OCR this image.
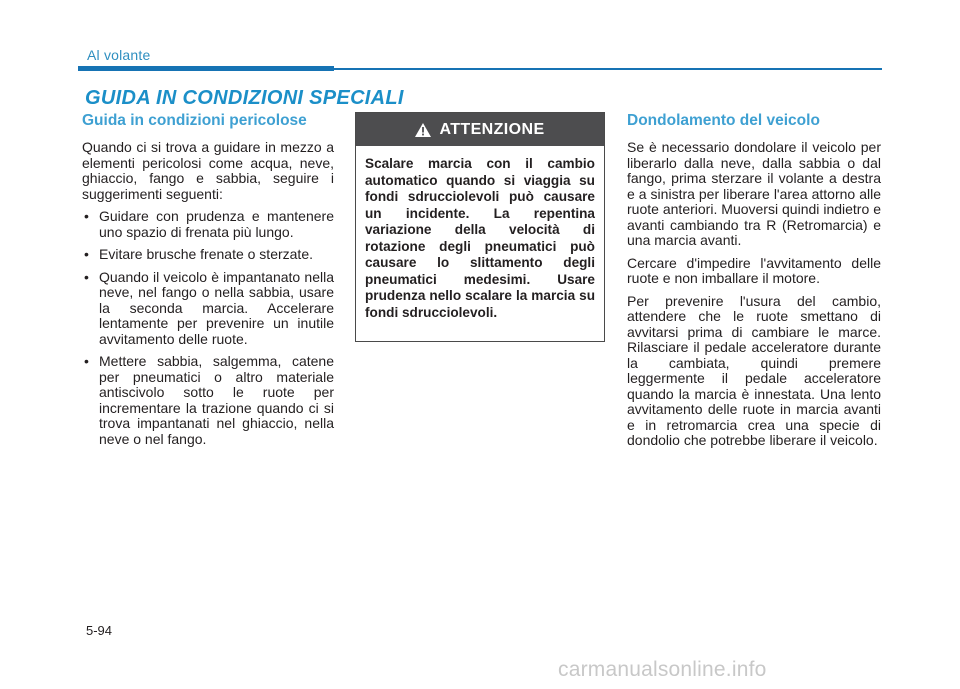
Al volante
GUIDA IN CONDIZIONI SPECIALI
Guida in condizioni pericolose

Quando ci si trova a guidare in mezzo a elementi pericolosi come acqua, neve, ghiaccio, fango e sabbia, seguire i suggerimenti seguenti:

• Guidare con prudenza e mantenere uno spazio di frenata più lungo.
• Evitare brusche frenate o sterzate.
• Quando il veicolo è impantanato nella neve, nel fango o nella sabbia, usare la seconda marcia. Accelerare lentamente per prevenire un inutile avvitamento delle ruote.
• Mettere sabbia, salgemma, catene per pneumatici o altro materiale antiscivolo sotto le ruote per incrementare la trazione quando ci si trova impantanati nel ghiaccio, nella neve o nel fango.
ATTENZIONE
Scalare marcia con il cambio automatico quando si viaggia su fondi sdrucciolevoli può causare un incidente. La repentina variazione della velocità di rotazione degli pneumatici può causare lo slittamento degli pneumatici medesimi. Usare prudenza nello scalare la marcia su fondi sdrucciolevoli.
Dondolamento del veicolo

Se è necessario dondolare il veicolo per liberarlo dalla neve, dalla sabbia o dal fango, prima sterzare il volante a destra e a sinistra per liberare l'area attorno alle ruote anteriori. Muoversi quindi indietro e avanti cambiando tra R (Retromarcia) e una marcia avanti.

Cercare d'impedire l'avvitamento delle ruote e non imballare il motore.

Per prevenire l'usura del cambio, attendere che le ruote smettano di avvitarsi prima di cambiare le marce. Rilasciare il pedale acceleratore durante la cambiata, quindi premere leggermente il pedale acceleratore quando la marcia è innestata. Una lento avvitamento delle ruote in marcia avanti e in retromarcia crea una specie di dondolio che potrebbe liberare il veicolo.

5-94
carmanualsonline.info
